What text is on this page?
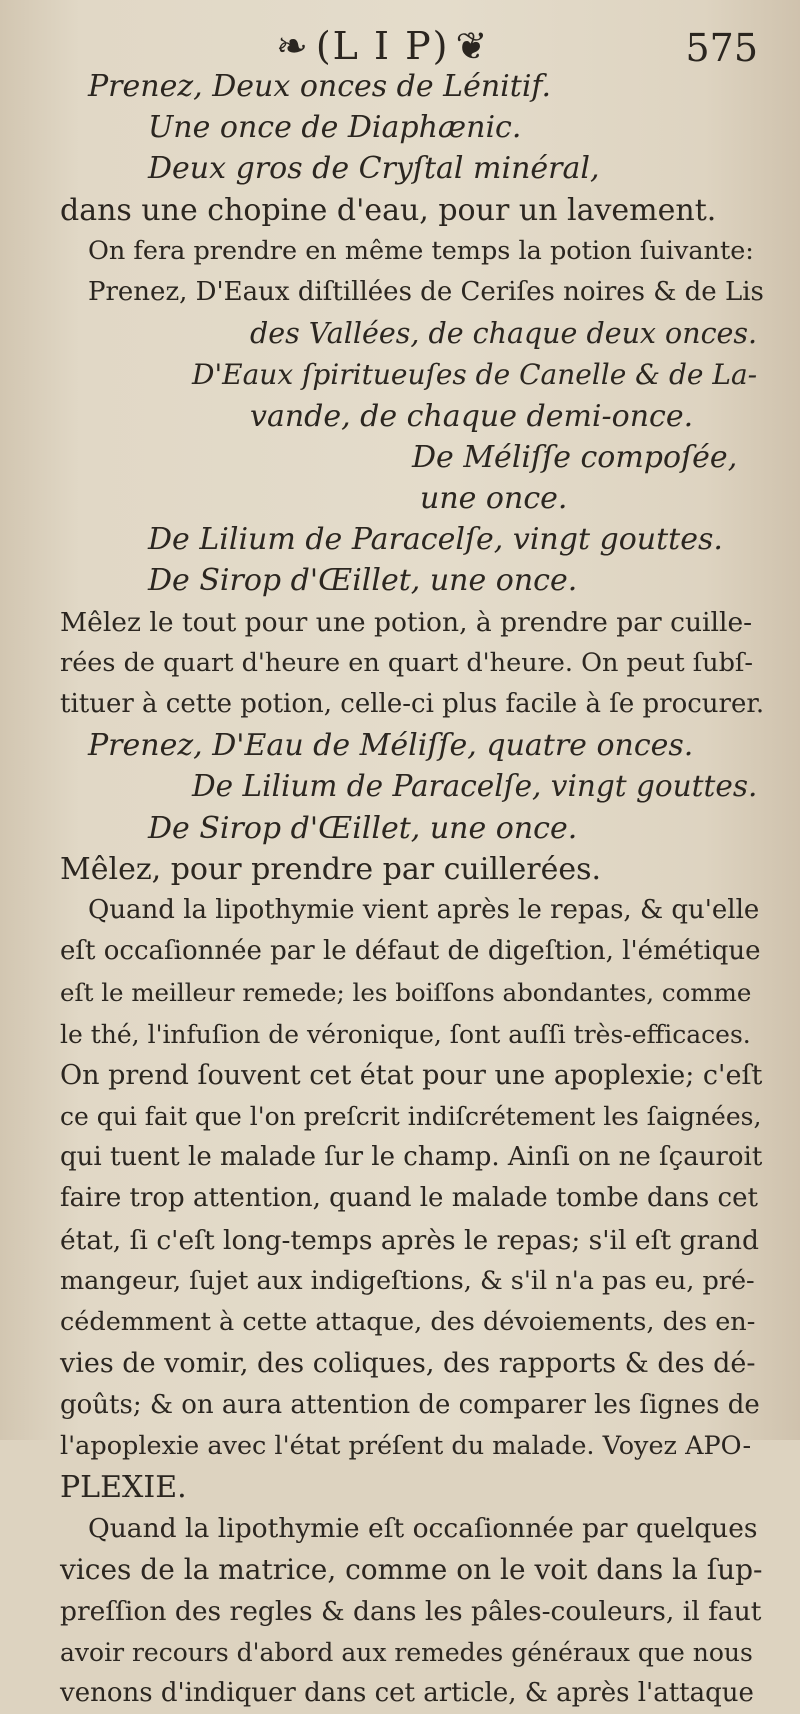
❧ (L I P) ❦	575
Prenez, Deux onces de Lénitif.
Une once de Diaphænic.
Deux gros de Cryſtal minéral,
dans une chopine d'eau, pour un lavement.
On fera prendre en même temps la potion ſuivante:
Prenez, D'Eaux diſtillées de Ceriſes noires & de Lis
des Vallées, de chaque deux onces.
D'Eaux ſpiritueuſes de Canelle & de La-
vande, de chaque demi-once.
De Méliſſe compoſée,
une once.
De Lilium de Paracelſe, vingt gouttes.
De Sirop d'Œillet, une once.
Mêlez le tout pour une potion, à prendre par cuille-
rées de quart d'heure en quart d'heure. On peut ſubſ-
tituer à cette potion, celle-ci plus facile à ſe procurer.
Prenez, D'Eau de Méliſſe, quatre onces.
De Lilium de Paracelſe, vingt gouttes.
De Sirop d'Œillet, une once.
Mêlez, pour prendre par cuillerées.
Quand la lipothymie vient après le repas, & qu'elle
eſt occaſionnée par le défaut de digeſtion, l'émétique
eſt le meilleur remede; les boiſſons abondantes, comme
le thé, l'infuſion de véronique, ſont auſſi très-efficaces.
On prend ſouvent cet état pour une apoplexie; c'eſt
ce qui fait que l'on preſcrit indiſcrétement les ſaignées,
qui tuent le malade ſur le champ. Ainſi on ne ſçauroit
faire trop attention, quand le malade tombe dans cet
état, ſi c'eſt long-temps après le repas; s'il eſt grand
mangeur, ſujet aux indigeſtions, & s'il n'a pas eu, pré-
cédemment à cette attaque, des dévoiements, des en-
vies de vomir, des coliques, des rapports & des dé-
goûts; & on aura attention de comparer les ſignes de
l'apoplexie avec l'état préſent du malade. Voyez APO-
PLEXIE.
Quand la lipothymie eſt occaſionnée par quelques
vices de la matrice, comme on le voit dans la ſup-
preſſion des regles & dans les pâles-couleurs, il faut
avoir recours d'abord aux remedes généraux que nous
venons d'indiquer dans cet article, & après l'attaque
